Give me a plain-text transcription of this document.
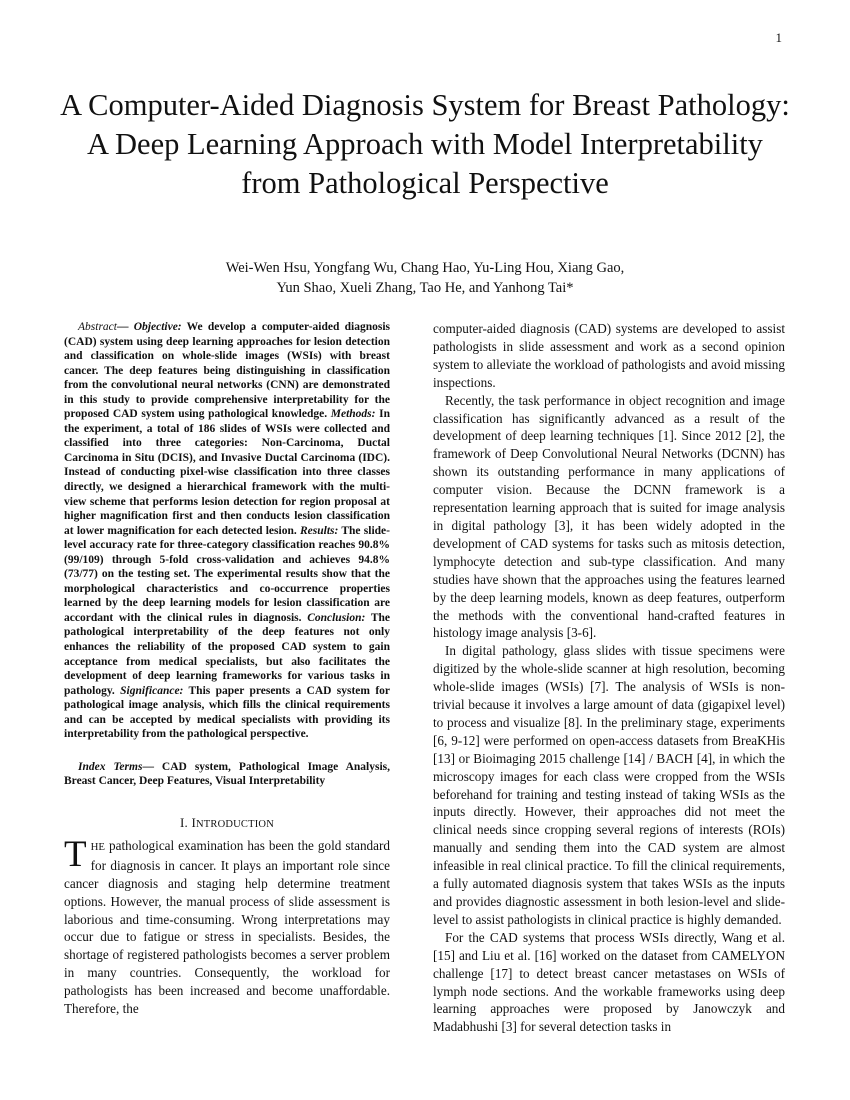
1
A Computer-Aided Diagnosis System for Breast Pathology: A Deep Learning Approach with Model Interpretability from Pathological Perspective
Wei-Wen Hsu, Yongfang Wu, Chang Hao, Yu-Ling Hou, Xiang Gao,
Yun Shao, Xueli Zhang, Tao He, and Yanhong Tai*

Abstract— Objective: We develop a computer-aided diagnosis (CAD) system using deep learning approaches for lesion detection and classification on whole-slide images (WSIs) with breast cancer. The deep features being distinguishing in classification from the convolutional neural networks (CNN) are demonstrated in this study to provide comprehensive interpretability for the proposed CAD system using pathological knowledge. Methods: In the experiment, a total of 186 slides of WSIs were collected and classified into three categories: Non-Carcinoma, Ductal Carcinoma in Situ (DCIS), and Invasive Ductal Carcinoma (IDC). Instead of conducting pixel-wise classification into three classes directly, we designed a hierarchical framework with the multi-view scheme that performs lesion detection for region proposal at higher magnification first and then conducts lesion classification at lower magnification for each detected lesion. Results: The slide-level accuracy rate for three-category classification reaches 90.8% (99/109) through 5-fold cross-validation and achieves 94.8% (73/77) on the testing set. The experimental results show that the morphological characteristics and co-occurrence properties learned by the deep learning models for lesion classification are accordant with the clinical rules in diagnosis. Conclusion: The pathological interpretability of the deep features not only enhances the reliability of the proposed CAD system to gain acceptance from medical specialists, but also facilitates the development of deep learning frameworks for various tasks in pathology. Significance: This paper presents a CAD system for pathological image analysis, which fills the clinical requirements and can be accepted by medical specialists with providing its interpretability from the pathological perspective.

Index Terms— CAD system, Pathological Image Analysis, Breast Cancer, Deep Features, Visual Interpretability

I. INTRODUCTION

THE pathological examination has been the gold standard for diagnosis in cancer. It plays an important role since cancer diagnosis and staging help determine treatment options. However, the manual process of slide assessment is laborious and time-consuming. Wrong interpretations may occur due to fatigue or stress in specialists. Besides, the shortage of registered pathologists becomes a server problem in many countries. Consequently, the workload for pathologists has been increased and become unaffordable. Therefore, the

computer-aided diagnosis (CAD) systems are developed to assist pathologists in slide assessment and work as a second opinion system to alleviate the workload of pathologists and avoid missing inspections.

Recently, the task performance in object recognition and image classification has significantly advanced as a result of the development of deep learning techniques [1]. Since 2012 [2], the framework of Deep Convolutional Neural Networks (DCNN) has shown its outstanding performance in many applications of computer vision. Because the DCNN framework is a representation learning approach that is suited for image analysis in digital pathology [3], it has been widely adopted in the development of CAD systems for tasks such as mitosis detection, lymphocyte detection and sub-type classification. And many studies have shown that the approaches using the features learned by the deep learning models, known as deep features, outperform the methods with the conventional hand-crafted features in histology image analysis [3-6].

In digital pathology, glass slides with tissue specimens were digitized by the whole-slide scanner at high resolution, becoming whole-slide images (WSIs) [7]. The analysis of WSIs is non-trivial because it involves a large amount of data (gigapixel level) to process and visualize [8]. In the preliminary stage, experiments [6, 9-12] were performed on open-access datasets from BreaKHis [13] or Bioimaging 2015 challenge [14] / BACH [4], in which the microscopy images for each class were cropped from the WSIs beforehand for training and testing instead of taking WSIs as the inputs directly. However, their approaches did not meet the clinical needs since cropping several regions of interests (ROIs) manually and sending them into the CAD system are almost infeasible in real clinical practice. To fill the clinical requirements, a fully automated diagnosis system that takes WSIs as the inputs and provides diagnostic assessment in both lesion-level and slide-level to assist pathologists in clinical practice is highly demanded.

For the CAD systems that process WSIs directly, Wang et al. [15] and Liu et al. [16] worked on the dataset from CAMELYON challenge [17] to detect breast cancer metastases on WSIs of lymph node sections. And the workable frameworks using deep learning approaches were proposed by Janowczyk and Madabhushi [3] for several detection tasks in
